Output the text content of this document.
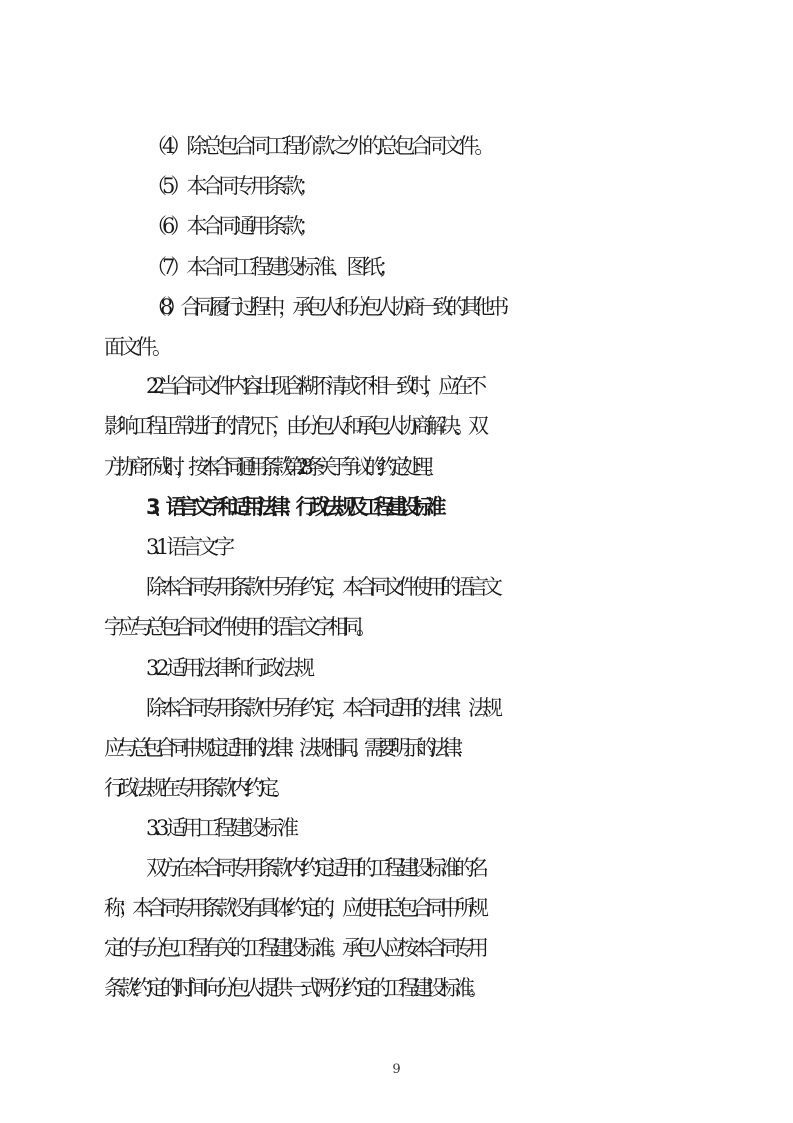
（4）除总包合同工程价款之外的总包合同文件。
（5）本合同专用条款；
（6）本合同通用条款；
（7）本合同工程建设标准、图纸；
（8）合同履行过程中，承包人和分包人协商一致的其他书
面文件。
2.2 当合同文件内容出现含糊不清或不相一致时，应在不
影响工程正常进行的情况下，由分包人和承包人协商解决。双
方协商不成时，按本合同通用条款第28条关于争议的约定处理。
3、语言文字和适用法律、行政法规及工程建设标准
3.1 语言文字
除本合同专用条款中另有约定，本合同文件使用的语言文
字应与总包合同文件使用的语言文字相同。
3.2 适用法律和行政法规
除本合同专用条款中另有约定，本合同适用的法律、法规
应与总包合同中规定适用的法律、法规相同。需要明示的法律、
行政法规在专用条款内约定。
3.3 适用工程建设标准
双方在本合同专用条款内约定适用的工程建设标准的名
称；本合同专用条款没有具体约定的，应使用总包合同中所规
定的与分包工程有关的工程建设标准。承包人应按本合同专用
条款约定的时间向分包人提供一式两份约定的工程建设标准。
9
